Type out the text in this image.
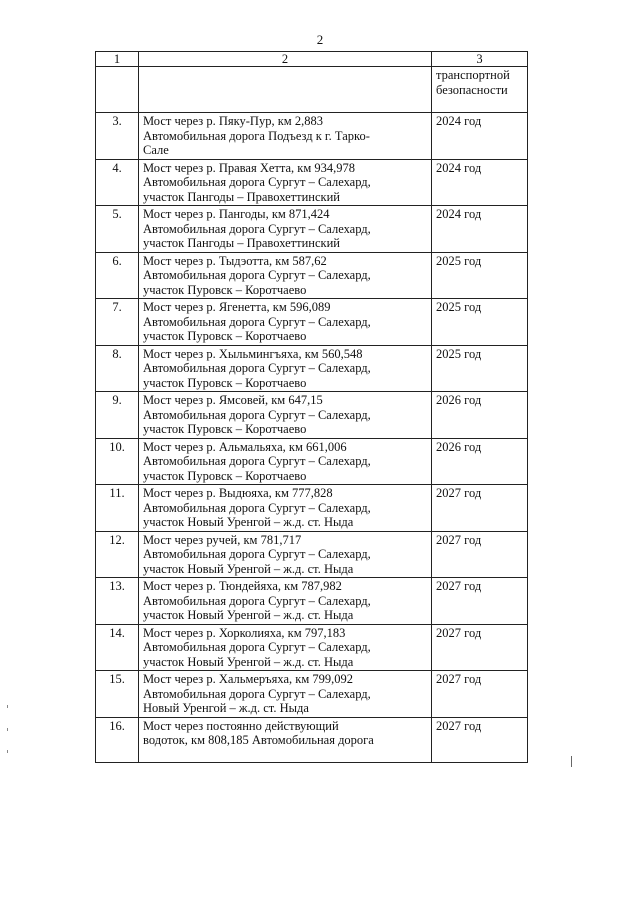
2
1	2	3

		транспортной
безопасности

3.	Мост через р. Пяку-Пур, км 2,883
Автомобильная дорога Подъезд к г. Тарко-
Сале	2024 год
4.	Мост через р. Правая Хетта, км 934,978
Автомобильная дорога Сургут – Салехард,
участок Пангоды – Правохеттинский	2024 год
5.	Мост через р. Пангоды, км 871,424
Автомобильная дорога Сургут – Салехард,
участок Пангоды – Правохеттинский	2024 год
6.	Мост через р. Тыдэотта, км 587,62
Автомобильная дорога Сургут – Салехард,
участок Пуровск – Коротчаево	2025 год
7.	Мост через р. Ягенетта, км 596,089
Автомобильная дорога Сургут – Салехард,
участок Пуровск – Коротчаево	2025 год
8.	Мост через р. Хыльмингъяха, км 560,548
Автомобильная дорога Сургут – Салехард,
участок Пуровск – Коротчаево	2025 год
9.	Мост через р. Ямсовей, км 647,15
Автомобильная дорога Сургут – Салехард,
участок Пуровск – Коротчаево	2026 год
10.	Мост через р. Альмальяха, км 661,006
Автомобильная дорога Сургут – Салехард,
участок Пуровск – Коротчаево	2026 год
11.	Мост через р. Выдюяха, км 777,828
Автомобильная дорога Сургут – Салехард,
участок Новый Уренгой – ж.д. ст. Ныда	2027 год
12.	Мост через ручей, км 781,717
Автомобильная дорога Сургут – Салехард,
участок Новый Уренгой – ж.д. ст. Ныда	2027 год
13.	Мост через р. Тюндейяха, км 787,982
Автомобильная дорога Сургут – Салехард,
участок Новый Уренгой – ж.д. ст. Ныда	2027 год
14.	Мост через р. Хорколияха, км 797,183
Автомобильная дорога Сургут – Салехард,
участок Новый Уренгой – ж.д. ст. Ныда	2027 год
15.	Мост через р. Хальмеръяха, км 799,092
Автомобильная дорога Сургут – Салехард,
Новый Уренгой – ж.д. ст. Ныда	2027 год
16.	Мост через постоянно действующий
водоток, км 808,185 Автомобильная дорога	2027 год
